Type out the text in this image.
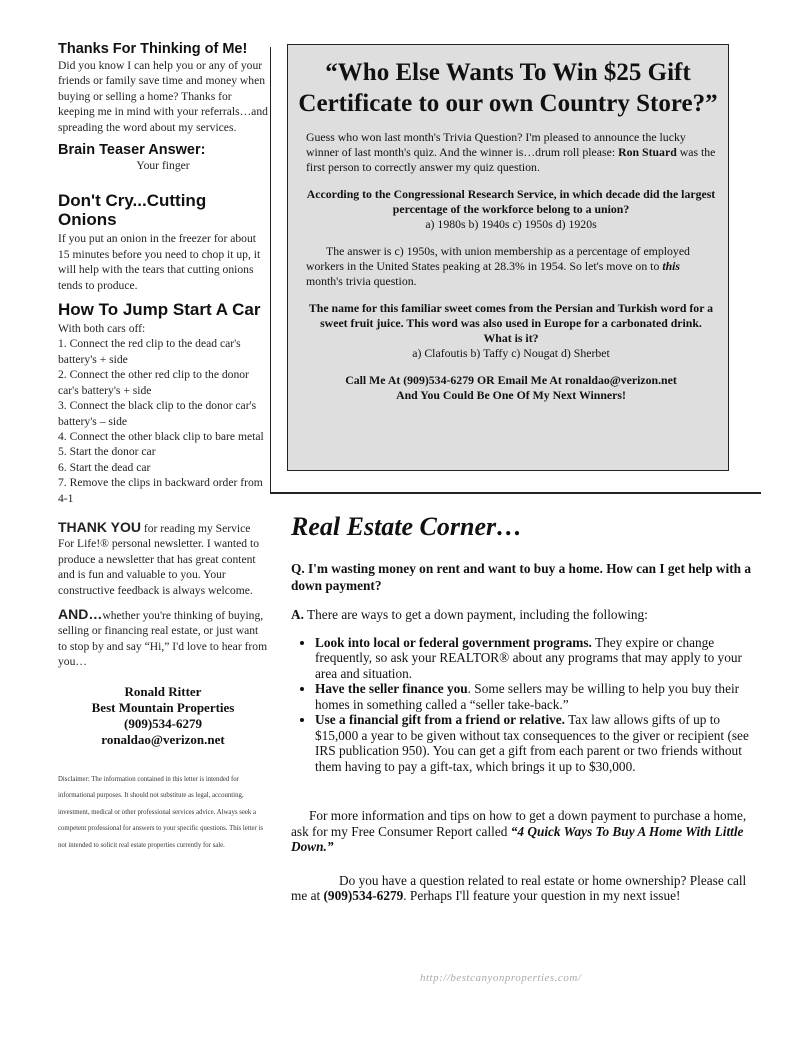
Thanks For Thinking of Me!
Did you know I can help you or any of your friends or family save time and money when buying or selling a home? Thanks for keeping me in mind with your referrals…and spreading the word about my services.
Brain Teaser Answer:
Your finger
Don't Cry...Cutting Onions
If you put an onion in the freezer for about 15 minutes before you need to chop it up, it will help with the tears that cutting onions tends to produce.
How To Jump Start A Car
With both cars off:
1. Connect the red clip to the dead car's battery's + side
2. Connect the other red clip to the donor car's battery's + side
3. Connect the black clip to the donor car's battery's – side
4. Connect the other black clip to bare metal
5. Start the donor car
6. Start the dead car
7. Remove the clips in backward order from 4-1
THANK YOU for reading my Service For Life!® personal newsletter. I wanted to produce a newsletter that has great content and is fun and valuable to you. Your constructive feedback is always welcome.
AND…whether you're thinking of buying, selling or financing real estate, or just want to stop by and say “Hi,” I'd love to hear from you…
Ronald Ritter
Best Mountain Properties
(909)534-6279
ronaldao@verizon.net
Disclaimer: The information contained in this letter is intended for informational purposes. It should not substitute as legal, accounting, investment, medical or other professional services advice. Always seek a competent professional for answers to your specific questions. This letter is not intended to solicit real estate properties currently for sale.
“Who Else Wants To Win $25 Gift Certificate to our own Country Store?”
Guess who won last month's Trivia Question? I'm pleased to announce the lucky winner of last month's quiz. And the winner is…drum roll please: Ron Stuard was the first person to correctly answer my quiz question.
According to the Congressional Research Service, in which decade did the largest percentage of the workforce belong to a union?
a) 1980s b) 1940s c) 1950s d) 1920s
The answer is c) 1950s, with union membership as a percentage of employed workers in the United States peaking at 28.3% in 1954. So let's move on to this month's trivia question.
The name for this familiar sweet comes from the Persian and Turkish word for a sweet fruit juice. This word was also used in Europe for a carbonated drink. What is it?
a) Clafoutis b) Taffy c) Nougat d) Sherbet
Call Me At (909)534-6279 OR Email Me At ronaldao@verizon.net
And You Could Be One Of My Next Winners!
Real Estate Corner…
Q. I'm wasting money on rent and want to buy a home. How can I get help with a down payment?
A. There are ways to get a down payment, including the following:
• Look into local or federal government programs. They expire or change frequently, so ask your REALTOR® about any programs that may apply to your area and situation.
• Have the seller finance you. Some sellers may be willing to help you buy their homes in something called a “seller take-back.”
• Use a financial gift from a friend or relative. Tax law allows gifts of up to $15,000 a year to be given without tax consequences to the giver or recipient (see IRS publication 950). You can get a gift from each parent or two friends without them having to pay a gift-tax, which brings it up to $30,000.
For more information and tips on how to get a down payment to purchase a home, ask for my Free Consumer Report called “4 Quick Ways To Buy A Home With Little Down.”
Do you have a question related to real estate or home ownership? Please call me at (909)534-6279. Perhaps I'll feature your question in my next issue!
http://bestcanyonproperties.com/
